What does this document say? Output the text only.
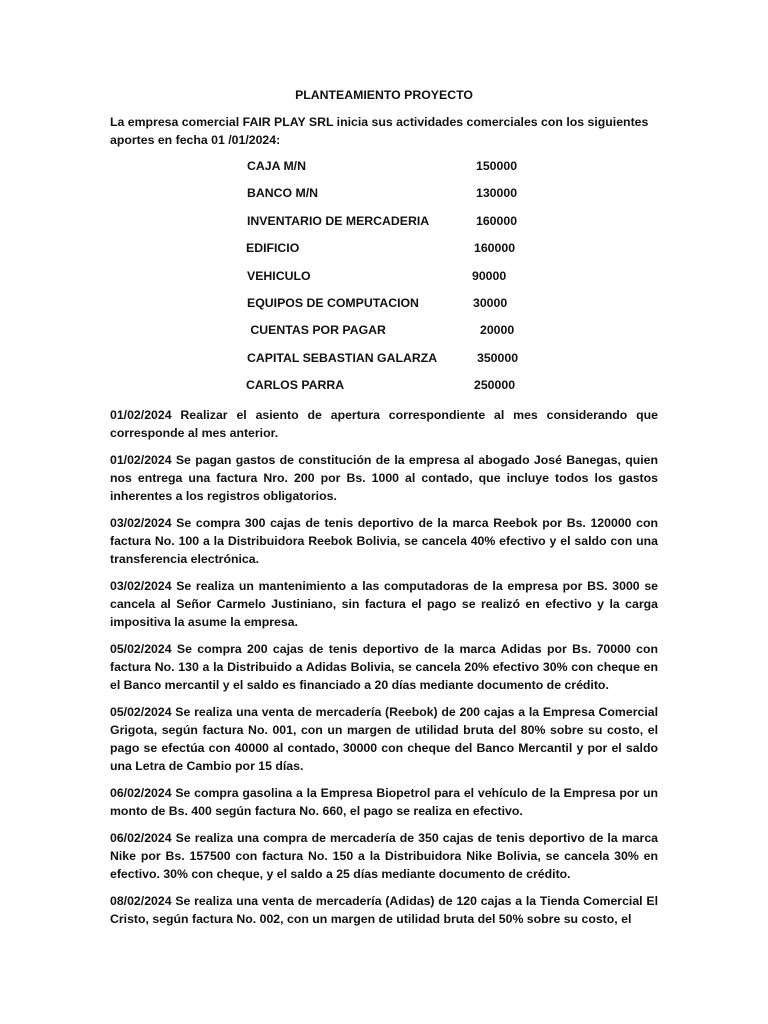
PLANTEAMIENTO PROYECTO
La empresa comercial FAIR PLAY SRL inicia sus actividades comerciales con los siguientes aportes en fecha 01 /01/2024:
CAJA M/N	150000
BANCO M/N	130000
INVENTARIO DE MERCADERIA	160000
EDIFICIO	160000
VEHICULO	90000
EQUIPOS DE COMPUTACION	30000
CUENTAS POR PAGAR	20000
CAPITAL SEBASTIAN GALARZA	350000
CARLOS PARRA	250000

01/02/2024 Realizar el asiento de apertura correspondiente al mes considerando que corresponde al mes anterior.

01/02/2024 Se pagan gastos de constitución de la empresa al abogado José Banegas, quien nos entrega una factura Nro. 200 por Bs. 1000 al contado, que incluye todos los gastos inherentes a los registros obligatorios.

03/02/2024 Se compra 300 cajas de tenis deportivo de la marca Reebok por Bs. 120000 con factura No. 100 a la Distribuidora Reebok Bolivia, se cancela 40% efectivo y el saldo con una transferencia electrónica.

03/02/2024 Se realiza un mantenimiento a las computadoras de la empresa por BS. 3000 se cancela al Señor Carmelo Justiniano, sin factura el pago se realizó en efectivo y la carga impositiva la asume la empresa.

05/02/2024 Se compra 200 cajas de tenis deportivo de la marca Adidas por Bs. 70000 con factura No. 130 a la Distribuido a Adidas Bolivia, se cancela 20% efectivo 30% con cheque en el Banco mercantil y el saldo es financiado a 20 días mediante documento de crédito.

05/02/2024 Se realiza una venta de mercadería (Reebok) de 200 cajas a la Empresa Comercial Grigota, según factura No. 001, con un margen de utilidad bruta del 80% sobre su costo, el pago se efectúa con 40000 al contado, 30000 con cheque del Banco Mercantil y por el saldo una Letra de Cambio por 15 días.

06/02/2024 Se compra gasolina a la Empresa Biopetrol para el vehículo de la Empresa por un monto de Bs. 400 según factura No. 660, el pago se realiza en efectivo.

06/02/2024 Se realiza una compra de mercadería de 350 cajas de tenis deportivo de la marca Nike por Bs. 157500 con factura No. 150 a la Distribuidora Nike Bolivia, se cancela 30% en efectivo. 30% con cheque, y el saldo a 25 días mediante documento de crédito.

08/02/2024 Se realiza una venta de mercadería (Adidas) de 120 cajas a la Tienda Comercial El Cristo, según factura No. 002, con un margen de utilidad bruta del 50% sobre su costo, el
